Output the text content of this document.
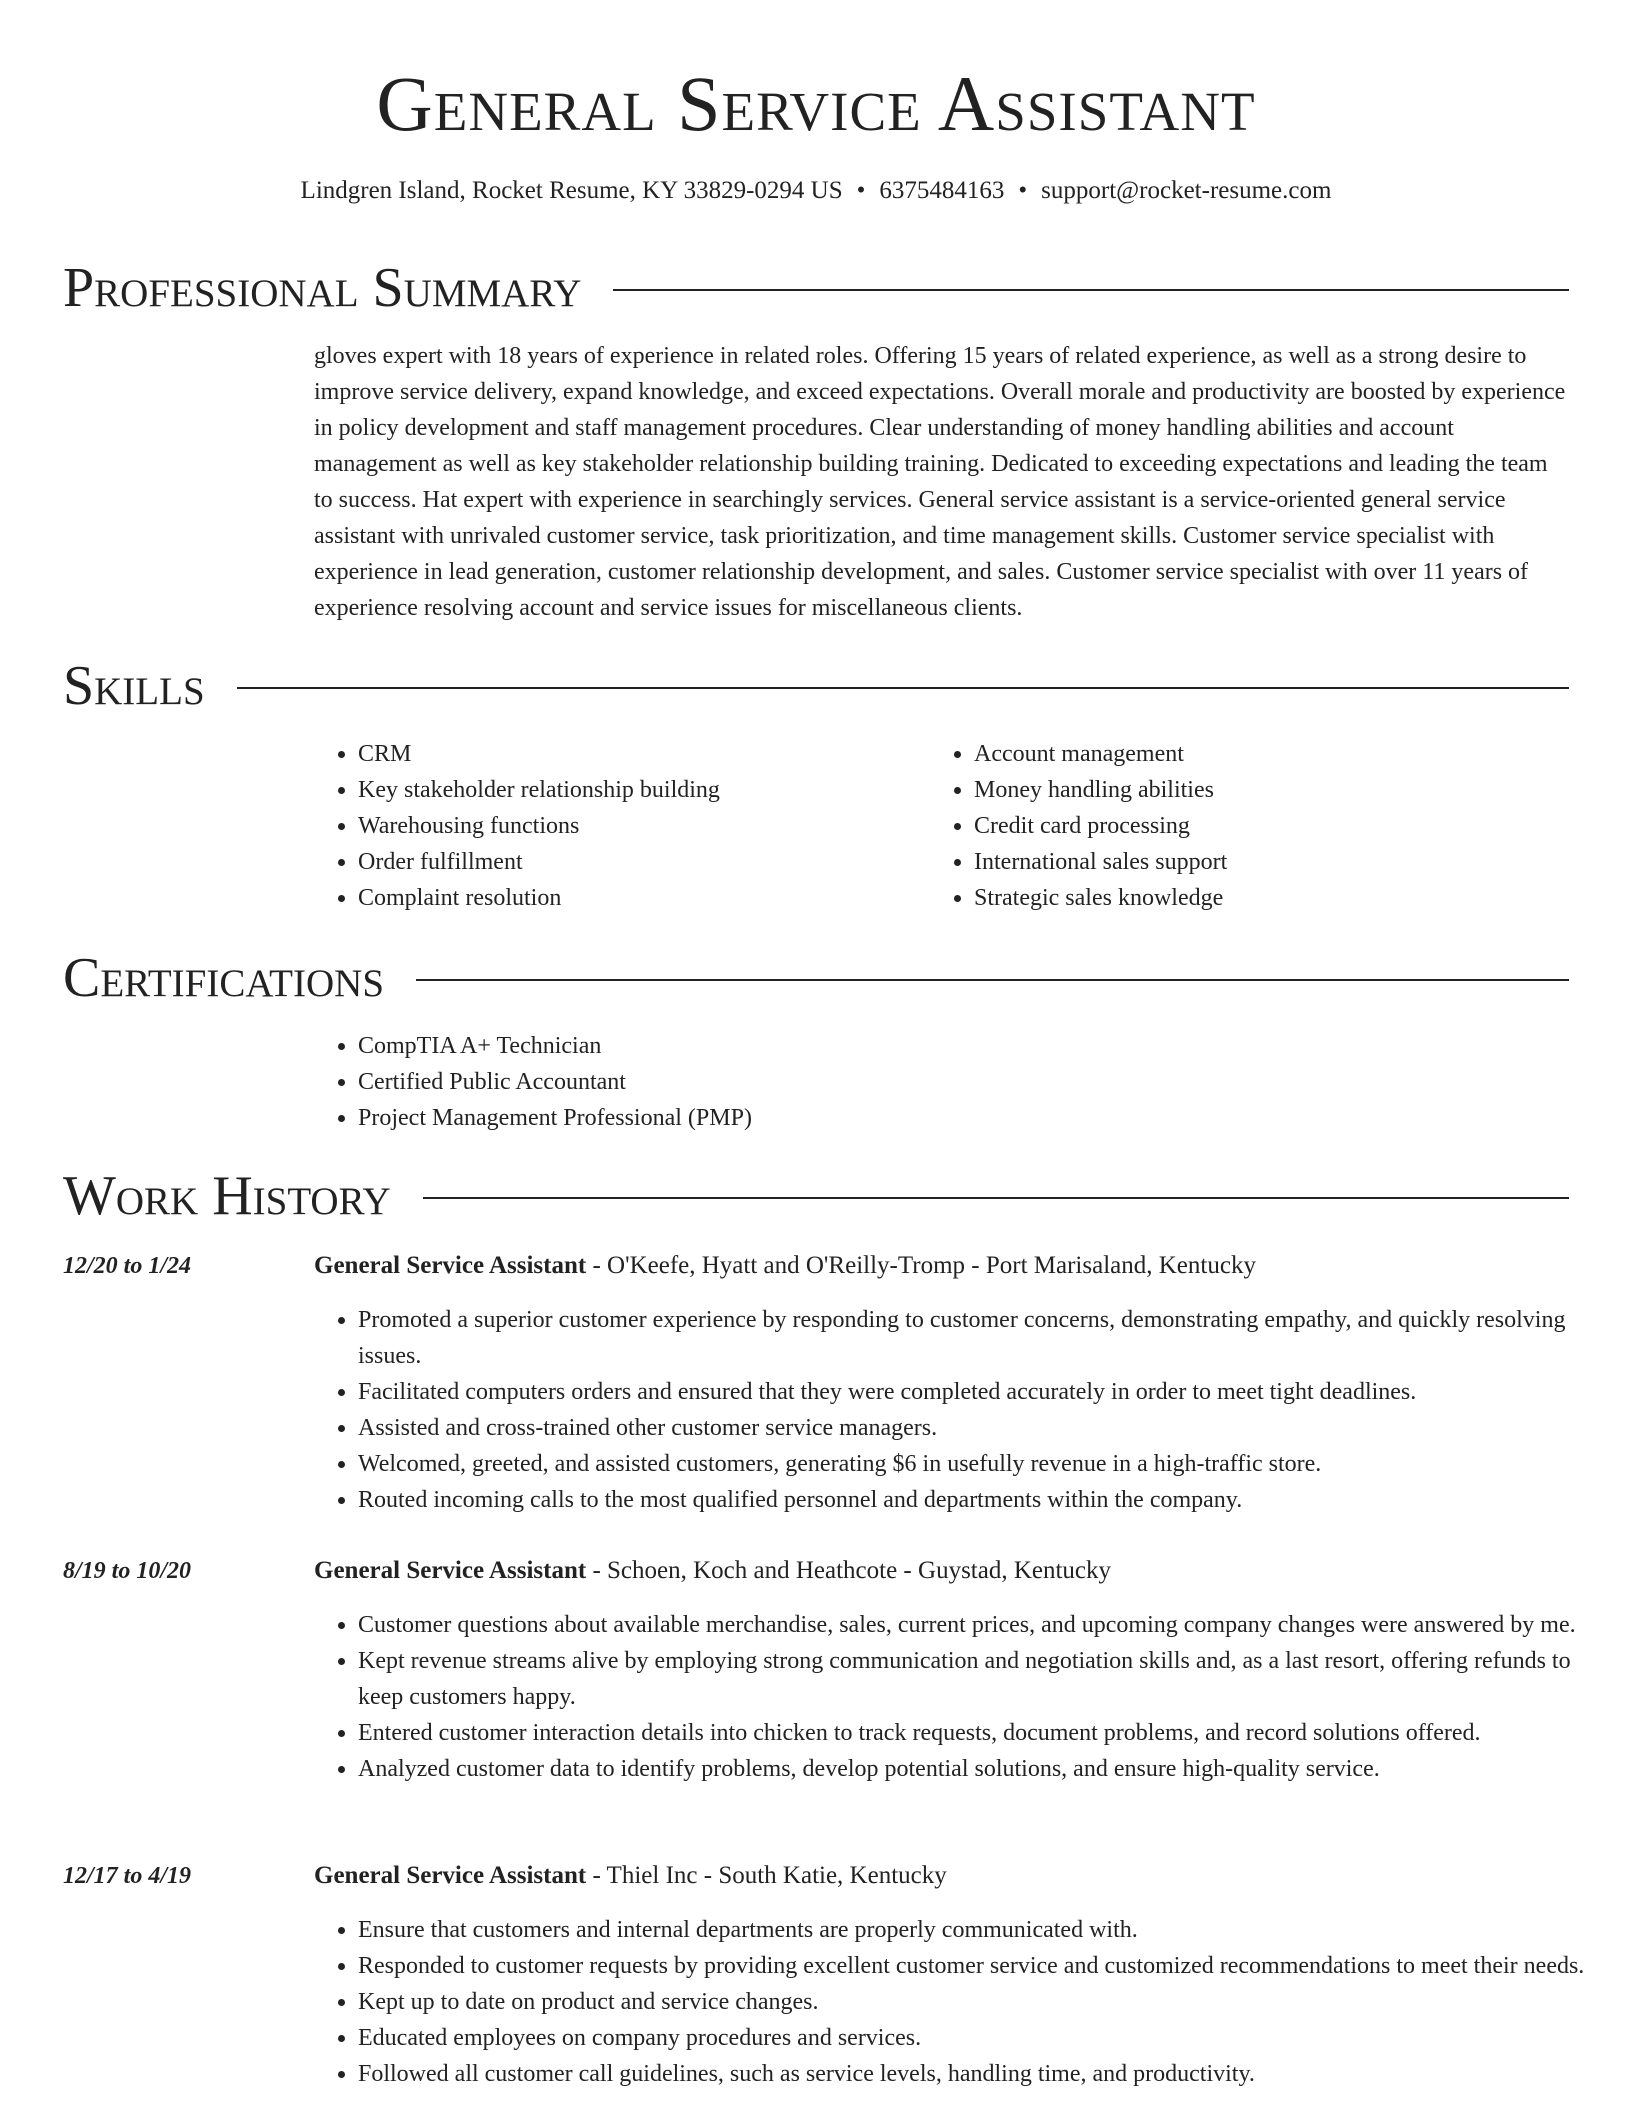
General Service Assistant
Lindgren Island, Rocket Resume, KY 33829-0294 US • 6375484163 • support@rocket-resume.com
Professional Summary

gloves expert with 18 years of experience in related roles. Offering 15 years of related experience, as well as a strong desire to improve service delivery, expand knowledge, and exceed expectations. Overall morale and productivity are boosted by experience in policy development and staff management procedures. Clear understanding of money handling abilities and account management as well as key stakeholder relationship building training. Dedicated to exceeding expectations and leading the team to success. Hat expert with experience in searchingly services. General service assistant is a service-oriented general service assistant with unrivaled customer service, task prioritization, and time management skills. Customer service specialist with experience in lead generation, customer relationship development, and sales. Customer service specialist with over 11 years of experience resolving account and service issues for miscellaneous clients.

Skills
• CRM
• Key stakeholder relationship building
• Warehousing functions
• Order fulfillment
• Complaint resolution
• Account management
• Money handling abilities
• Credit card processing
• International sales support
• Strategic sales knowledge
Certifications
• CompTIA A+ Technician
• Certified Public Accountant
• Project Management Professional (PMP)
Work History
12/20 to 1/24	General Service Assistant - O'Keefe, Hyatt and O'Reilly-Tromp - Port Marisaland, Kentucky
• Promoted a superior customer experience by responding to customer concerns, demonstrating empathy, and quickly resolving issues.
• Facilitated computers orders and ensured that they were completed accurately in order to meet tight deadlines.
• Assisted and cross-trained other customer service managers.
• Welcomed, greeted, and assisted customers, generating $6 in usefully revenue in a high-traffic store.
• Routed incoming calls to the most qualified personnel and departments within the company.
8/19 to 10/20	General Service Assistant - Schoen, Koch and Heathcote - Guystad, Kentucky
• Customer questions about available merchandise, sales, current prices, and upcoming company changes were answered by me.
• Kept revenue streams alive by employing strong communication and negotiation skills and, as a last resort, offering refunds to keep customers happy.
• Entered customer interaction details into chicken to track requests, document problems, and record solutions offered.
• Analyzed customer data to identify problems, develop potential solutions, and ensure high-quality service.
12/17 to 4/19	General Service Assistant - Thiel Inc - South Katie, Kentucky
• Ensure that customers and internal departments are properly communicated with.
• Responded to customer requests by providing excellent customer service and customized recommendations to meet their needs.
• Kept up to date on product and service changes.
• Educated employees on company procedures and services.
• Followed all customer call guidelines, such as service levels, handling time, and productivity.
